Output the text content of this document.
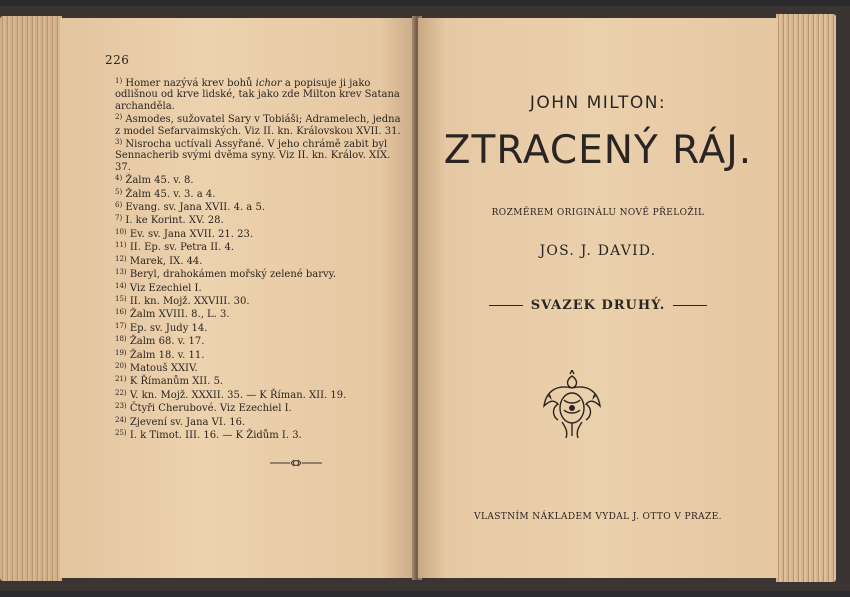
226
$^{1)}$ Homer nazývá krev bohů ichor a popisuje ji jako odlišnou od krve lidské, tak jako zde Milton krev Satana archanděla.
$^{2)}$ Asmodes, sužovatel Sary v Tobiáši; Adramelech, jedna z model Sefarvaimských. Viz II. kn. Královskou XVII. 31.
$^{3)}$ Nisrocha uctívali Assyřané. V jeho chrámě zabit byl Sennacherib svými dvěma syny. Viz II. kn. Králov. XIX. 37.
$^{4)}$ Žalm 45. v. 8.
$^{5)}$ Žalm 45. v. 3. a 4.
$^{6)}$ Evang. sv. Jana XVII. 4. a 5.
$^{7)}$ I. ke Korint. XV. 28.
$^{10)}$ Ev. sv. Jana XVII. 21. 23.
$^{11)}$ II. Ep. sv. Petra II. 4.
$^{12)}$ Marek, IX. 44.
$^{13)}$ Beryl, drahokámen mořský zelené barvy.
$^{14)}$ Viz Ezechiel I.
$^{15)}$ II. kn. Mojž. XXVIII. 30.
$^{16)}$ Žalm XVIII. 8., L. 3.
$^{17)}$ Ep. sv. Judy 14.
$^{18)}$ Žalm 68. v. 17.
$^{19)}$ Žalm 18. v. 11.
$^{20)}$ Matouš XXIV.
$^{21)}$ K Římanům XII. 5.
$^{22)}$ V. kn. Mojž. XXXII. 35. — K Říman. XII. 19.
$^{23)}$ Čtyři Cherubové. Viz Ezechiel I.
$^{24)}$ Zjevení sv. Jana VI. 16.
$^{25)}$ I. k Timot. III. 16. — K Židům I. 3.
JOHN MILTON:
ZTRACENÝ RÁJ.
ROZMĚREM ORIGINÁLU NOVĚ PŘELOŽIL
JOS. J. DAVID.
SVAZEK DRUHÝ.
VLASTNÍM NÁKLADEM VYDAL J. OTTO V PRAZE.
